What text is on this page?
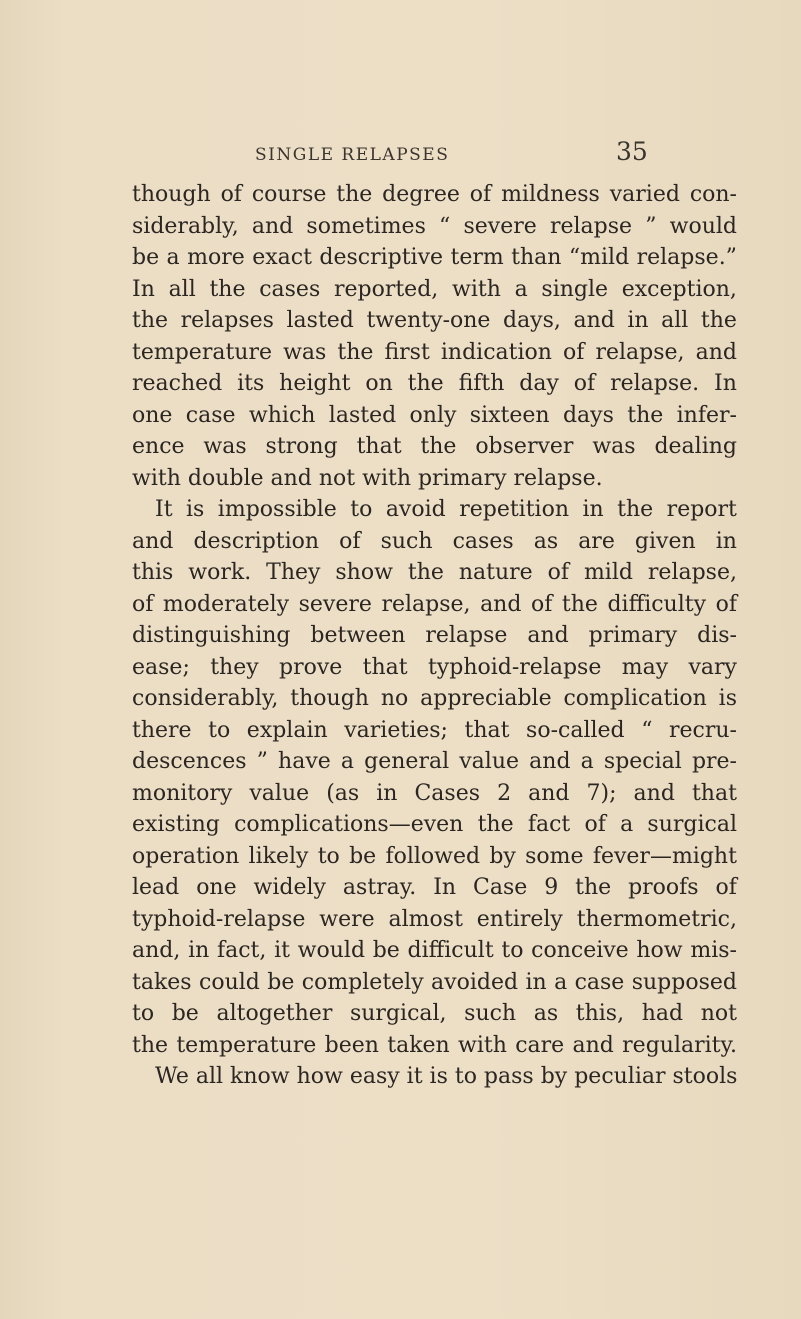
SINGLE RELAPSES	35
though of course the degree of mildness varied con-
siderably, and sometimes “ severe relapse ” would
be a more exact descriptive term than “mild relapse.”
In all the cases reported, with a single exception,
the relapses lasted twenty-one days, and in all the
temperature was the first indication of relapse, and
reached its height on the fifth day of relapse. In
one case which lasted only sixteen days the infer-
ence was strong that the observer was dealing
with double and not with primary relapse.
It is impossible to avoid repetition in the report
and description of such cases as are given in
this work. They show the nature of mild relapse,
of moderately severe relapse, and of the difficulty of
distinguishing between relapse and primary dis-
ease; they prove that typhoid-relapse may vary
considerably, though no appreciable complication is
there to explain varieties; that so-called “ recru-
descences ” have a general value and a special pre-
monitory value (as in Cases 2 and 7); and that
existing complications—even the fact of a surgical
operation likely to be followed by some fever—might
lead one widely astray. In Case 9 the proofs of
typhoid-relapse were almost entirely thermometric,
and, in fact, it would be difficult to conceive how mis-
takes could be completely avoided in a case supposed
to be altogether surgical, such as this, had not
the temperature been taken with care and regularity.
We all know how easy it is to pass by peculiar stools
